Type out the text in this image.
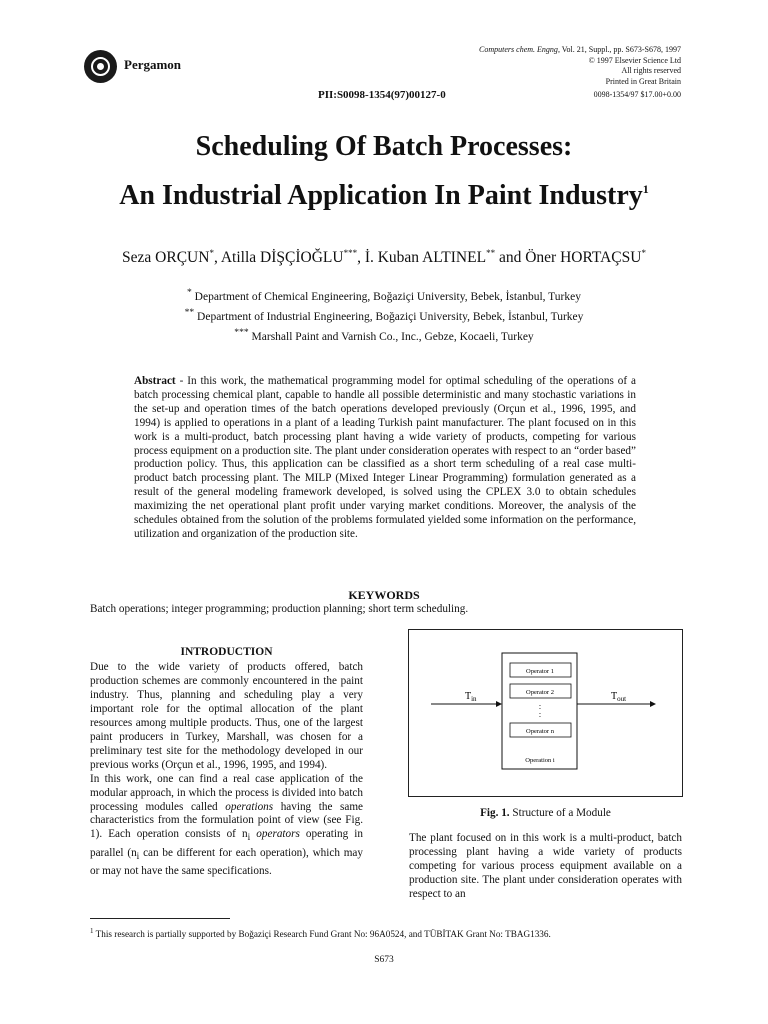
Pergamon
PII:S0098-1354(97)00127-0
Computers chem. Engng, Vol. 21, Suppl., pp. S673-S678, 1997
© 1997 Elsevier Science Ltd
All rights reserved
Printed in Great Britain
0098-1354/97 $17.00+0.00
Scheduling Of Batch Processes:
An Industrial Application In Paint Industry$^1$
Seza ORÇUN*, Atilla DİŞÇİOĞLU***, İ. Kuban ALTINEL** and Öner HORTAÇSU*
* Department of Chemical Engineering, Boğaziçi University, Bebek, İstanbul, Turkey
** Department of Industrial Engineering, Boğaziçi University, Bebek, İstanbul, Turkey
*** Marshall Paint and Varnish Co., Inc., Gebze, Kocaeli, Turkey
Abstract - In this work, the mathematical programming model for optimal scheduling of the operations of a batch processing chemical plant, capable to handle all possible deterministic and many stochastic variations in the set-up and operation times of the batch operations developed previously (Orçun et al., 1996, 1995, and 1994) is applied to operations in a plant of a leading Turkish paint manufacturer. The plant focused on in this work is a multi-product, batch processing plant having a wide variety of products, competing for various process equipment on a production site. The plant under consideration operates with respect to an “order based” production policy. Thus, this application can be classified as a short term scheduling of a real case multi-product batch processing plant. The MILP (Mixed Integer Linear Programming) formulation generated as a result of the general modeling framework developed, is solved using the CPLEX 3.0 to obtain schedules maximizing the net operational plant profit under varying market conditions. Moreover, the analysis of the schedules obtained from the solution of the problems formulated yielded some information on the performance, utilization and organization of the production site.
KEYWORDS
Batch operations; integer programming; production planning; short term scheduling.
INTRODUCTION

Due to the wide variety of products offered, batch production schemes are commonly encountered in the paint industry. Thus, planning and scheduling play a very important role for the optimal allocation of the plant resources among multiple products. Thus, one of the largest paint producers in Turkey, Marshall, was chosen for a preliminary test site for the methodology developed in our previous works (Orçun et al., 1996, 1995, and 1994).

In this work, one can find a real case application of the modular approach, in which the process is divided into batch processing modules called operations having the same characteristics from the formulation point of view (see Fig. 1). Each operation consists of $n_i$ operators operating in parallel ($n_i$ can be different for each operation), which may or may not have the same specifications.

$T_{in}$
Operator 1
Operator 2
:
:
Operator n
Operation i
$T_{out}$
Fig. 1. Structure of a Module
The plant focused on in this work is a multi-product, batch processing plant having a wide variety of products competing for various process equipment available on a production site. The plant under consideration operates with respect to an
$^1$ This research is partially supported by Boğaziçi Research Fund Grant No: 96A0524, and TÜBİTAK Grant No: TBAG1336.
S673
